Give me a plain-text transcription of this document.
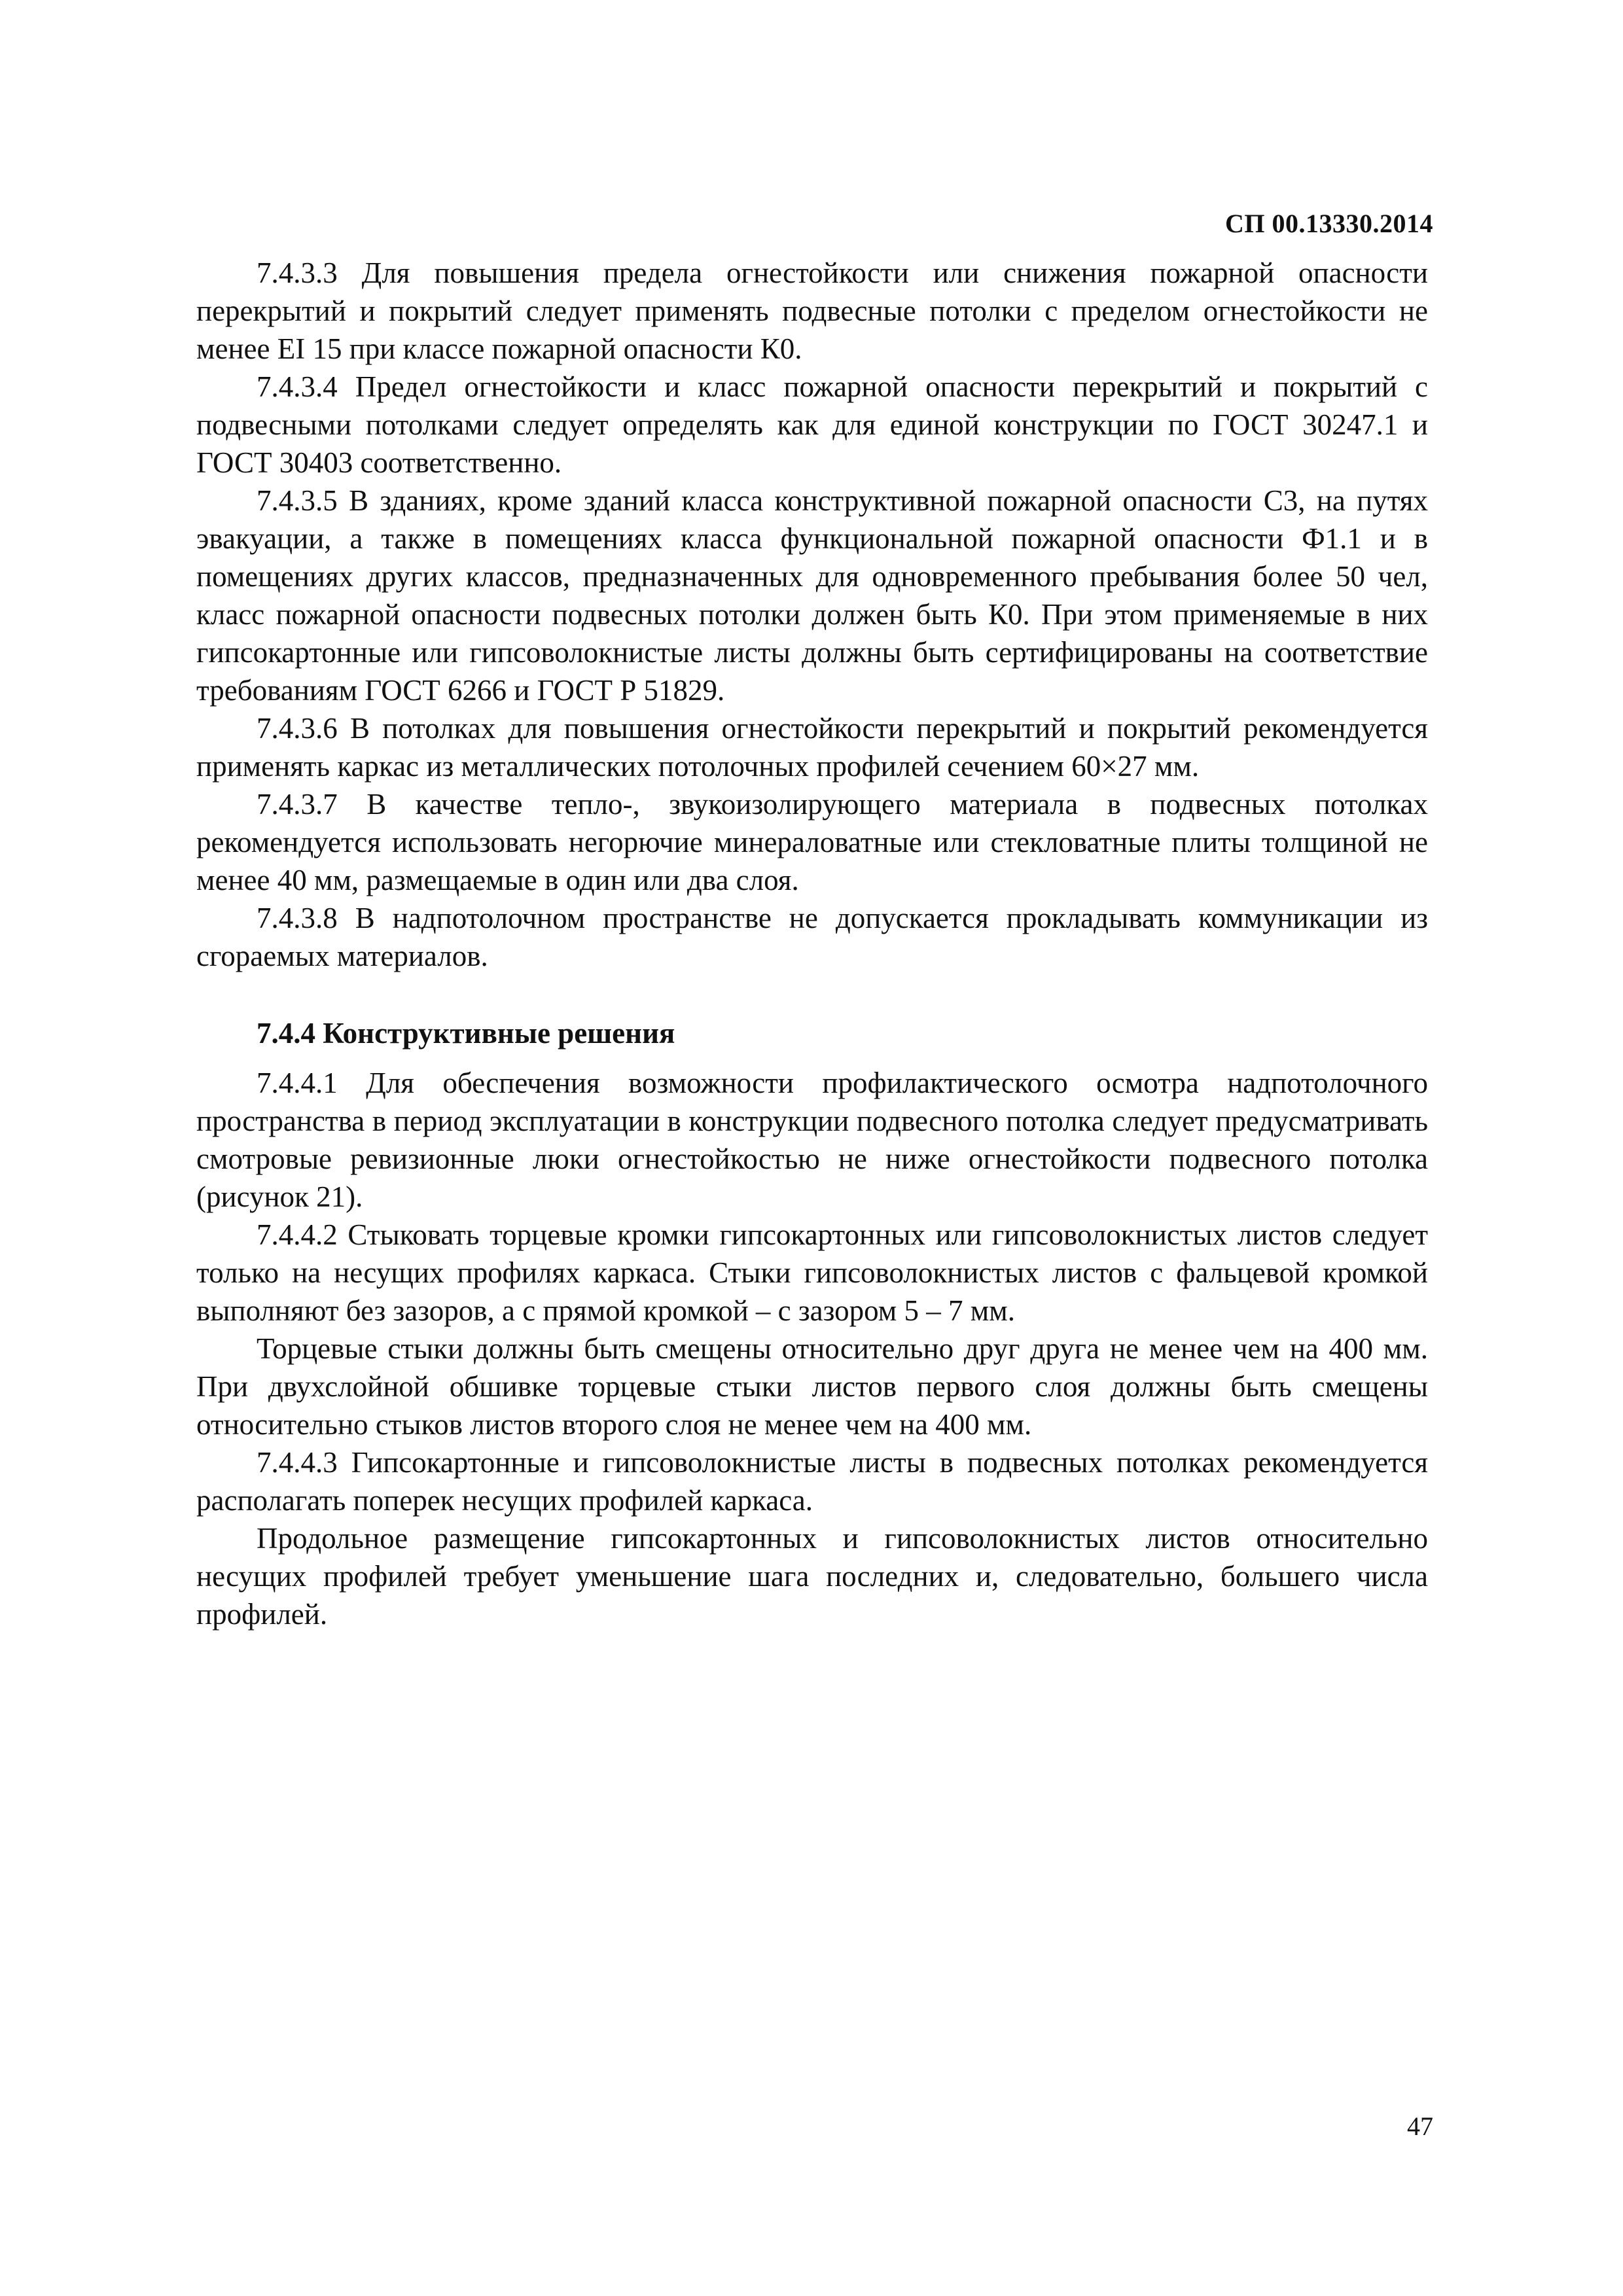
СП 00.13330.2014

7.4.3.3 Для повышения предела огнестойкости или снижения пожарной опасности перекрытий и покрытий следует применять подвесные потолки с пределом огнестойкости не менее EI 15 при классе пожарной опасности К0.

7.4.3.4 Предел огнестойкости и класс пожарной опасности перекрытий и покрытий с подвесными потолками следует определять как для единой конструкции по ГОСТ 30247.1 и ГОСТ 30403 соответственно.

7.4.3.5 В зданиях, кроме зданий класса конструктивной пожарной опасности С3, на путях эвакуации, а также в помещениях класса функциональной пожарной опасности Ф1.1 и в помещениях других классов, предназначенных для одновременного пребывания более 50 чел, класс пожарной опасности подвесных потолки должен быть К0. При этом применяемые в них гипсокартонные или гипсоволокнистые листы должны быть сертифицированы на соответствие требованиям ГОСТ 6266 и ГОСТ Р 51829.

7.4.3.6 В потолках для повышения огнестойкости перекрытий и покрытий рекомендуется применять каркас из металлических потолочных профилей сечением 60×27 мм.

7.4.3.7 В качестве тепло-, звукоизолирующего материала в подвесных потолках рекомендуется использовать негорючие минераловатные или стекловатные плиты толщиной не менее 40 мм, размещаемые в один или два слоя.

7.4.3.8 В надпотолочном пространстве не допускается прокладывать коммуникации из сгораемых материалов.

7.4.4 Конструктивные решения

7.4.4.1 Для обеспечения возможности профилактического осмотра надпотолочного пространства в период эксплуатации в конструкции подвесного потолка следует предусматривать смотровые ревизионные люки огнестойкостью не ниже огнестойкости подвесного потолка (рисунок 21).

7.4.4.2 Стыковать торцевые кромки гипсокартонных или гипсоволокнистых листов следует только на несущих профилях каркаса. Стыки гипсоволокнистых листов с фальцевой кромкой выполняют без зазоров, а с прямой кромкой – с зазором 5 – 7 мм.

Торцевые стыки должны быть смещены относительно друг друга не менее чем на 400 мм. При двухслойной обшивке торцевые стыки листов первого слоя должны быть смещены относительно стыков листов второго слоя не менее чем на 400 мм.

7.4.4.3 Гипсокартонные и гипсоволокнистые листы в подвесных потолках рекомендуется располагать поперек несущих профилей каркаса.

Продольное размещение гипсокартонных и гипсоволокнистых листов относительно несущих профилей требует уменьшение шага последних и, следовательно, большего числа профилей.

47
